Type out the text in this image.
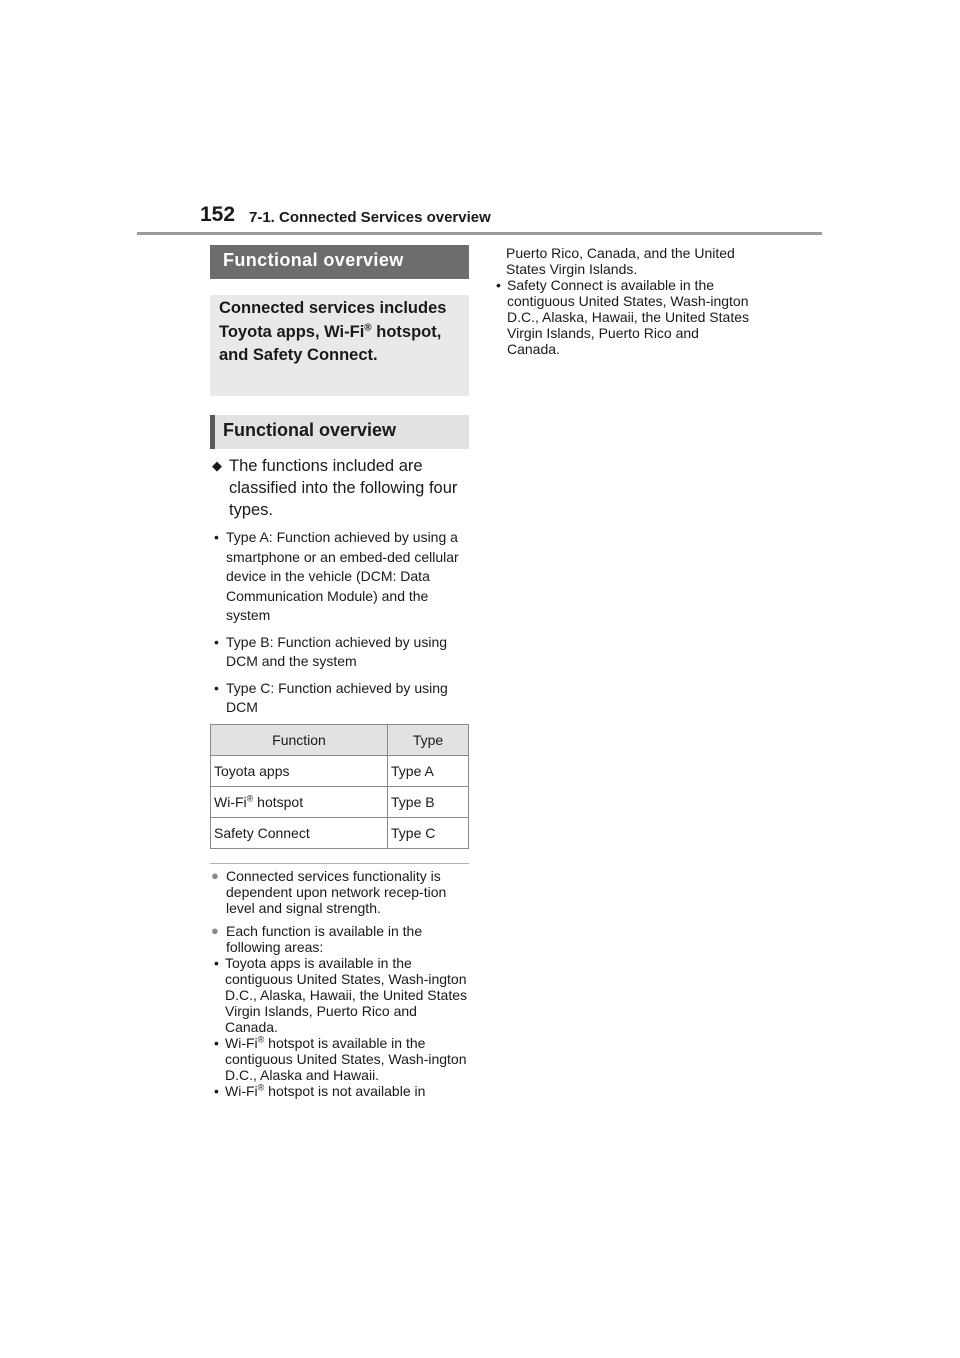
152 7-1. Connected Services overview
Functional overview
Connected services includes Toyota apps, Wi-Fi® hotspot, and Safety Connect.
Functional overview
◆ The functions included are classified into the following four types.
• Type A: Function achieved by using a smartphone or an embed-ded cellular device in the vehicle (DCM: Data Communication Module) and the system
• Type B: Function achieved by using DCM and the system
• Type C: Function achieved by using DCM
Function	Type
Toyota apps	Type A
Wi-Fi® hotspot	Type B
Safety Connect	Type C
● Connected services functionality is dependent upon network recep-tion level and signal strength.
● Each function is available in the following areas:
• Toyota apps is available in the contiguous United States, Wash-ington D.C., Alaska, Hawaii, the United States Virgin Islands, Puerto Rico and Canada.
• Wi-Fi® hotspot is available in the contiguous United States, Wash-ington D.C., Alaska and Hawaii.
• Wi-Fi® hotspot is not available in
Puerto Rico, Canada, and the United States Virgin Islands.
• Safety Connect is available in the contiguous United States, Wash-ington D.C., Alaska, Hawaii, the United States Virgin Islands, Puerto Rico and Canada.
